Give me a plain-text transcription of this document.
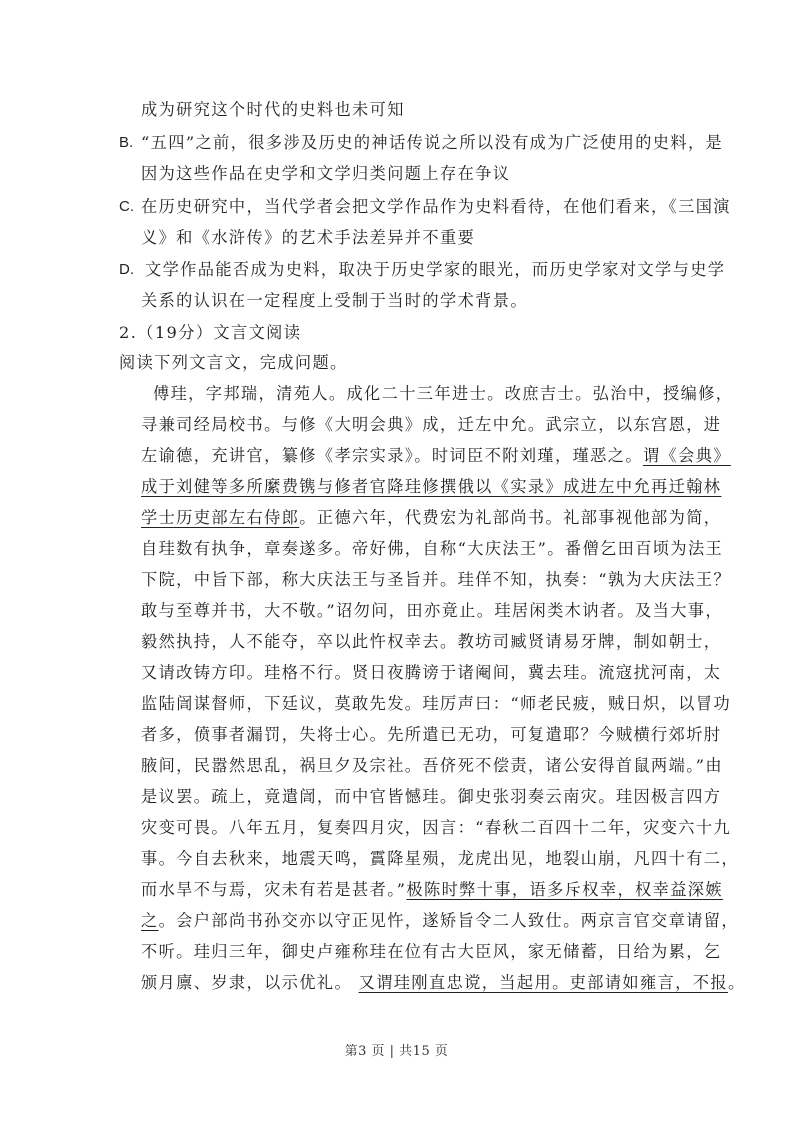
成为研究这个时代的史料也未可知
B. “五四”之前，很多涉及历史的神话传说之所以没有成为广泛使用的史料，是
因为这些作品在史学和文学归类问题上存在争议
C. 在历史研究中，当代学者会把文学作品作为史料看待，在他们看来，《三国演
义》和《水浒传》的艺术手法差异并不重要
D. 文学作品能否成为史料，取决于历史学家的眼光，而历史学家对文学与史学
关系的认识在一定程度上受制于当时的学术背景。
2.（19分）文言文阅读
阅读下列文言文，完成问题。
傅珪，字邦瑞，清苑人。成化二十三年进士。改庶吉士。弘治中，授编修，
寻兼司经局校书。与修《大明会典》成，迁左中允。武宗立，以东宫恩，进
左谕德，充讲官，纂修《孝宗实录》。时词臣不附刘瑾，瑾恶之。谓《会典》
成于刘健等多所縻费镌与修者官降珪修撰俄以《实录》成进左中允再迁翰林
学士历吏部左右侍郎。正德六年，代费宏为礼部尚书。礼部事视他部为简，
自珪数有执争，章奏遂多。帝好佛，自称“大庆法王”。番僧乞田百顷为法王
下院，中旨下部，称大庆法王与圣旨并。珪佯不知，执奏：“孰为大庆法王？
敢与至尊并书，大不敬。”诏勿问，田亦竟止。珪居闲类木讷者。及当大事，
毅然执持，人不能夺，卒以此忤权幸去。教坊司臧贤请易牙牌，制如朝士，
又请改铸方印。珪格不行。贤日夜腾谤于诸阉间，冀去珪。流寇扰河南，太
监陆訚谋督师，下廷议，莫敢先发。珪厉声曰：“师老民疲，贼日炽，以冒功
者多，偾事者漏罚，失将士心。先所遣已无功，可复遣耶？今贼横行郊圻肘
腋间，民嚣然思乱，祸旦夕及宗社。吾侪死不偿责，诸公安得首鼠两端。”由
是议罢。疏上，竟遣訚，而中官皆憾珪。御史张羽奏云南灾。珪因极言四方
灾变可畏。八年五月，复奏四月灾，因言：“春秋二百四十二年，灾变六十九
事。今自去秋来，地震天鸣，霣降星殒，龙虎出见，地裂山崩，凡四十有二，
而水旱不与焉，灾未有若是甚者。”极陈时弊十事，语多斥权幸，权幸益深嫉
之。会户部尚书孙交亦以守正见忤，遂矫旨令二人致仕。两京言官交章请留，
不听。珪归三年，御史卢雍称珪在位有古大臣风，家无储蓄，日给为累，乞
颁月廪、岁隶，以示优礼。 又谓珪刚直忠谠，当起用。吏部请如雍言，不报。
第3 页 | 共15 页
